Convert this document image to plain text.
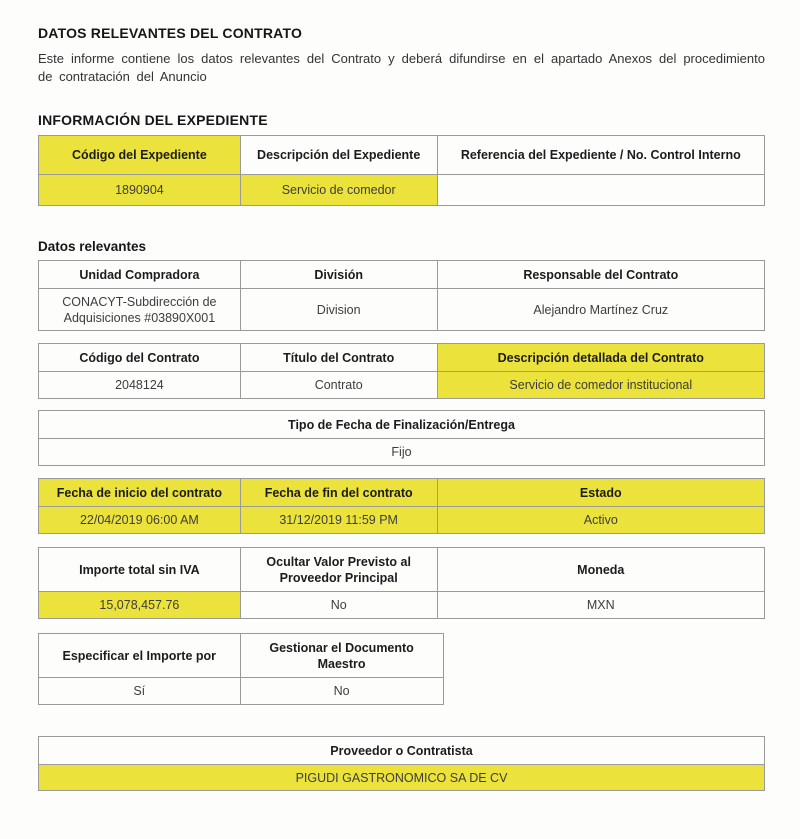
DATOS RELEVANTES DEL CONTRATO

Este informe contiene los datos relevantes del Contrato y deberá difundirse en el apartado Anexos del procedimiento de contratación del Anuncio

INFORMACIÓN DEL EXPEDIENTE
Código del Expediente	Descripción del Expediente	Referencia del Expediente / No. Control Interno
1890904	Servicio de comedor	
Datos relevantes
Unidad Compradora	División	Responsable del Contrato
CONACYT-Subdirección de Adquisiciones #03890X001	Division	Alejandro Martínez Cruz
Código del Contrato	Título del Contrato	Descripción detallada del Contrato
2048124	Contrato	Servicio de comedor institucional
Tipo de Fecha de Finalización/Entrega
Fijo
Fecha de inicio del contrato	Fecha de fin del contrato	Estado
22/04/2019 06:00 AM	31/12/2019 11:59 PM	Activo
Importe total sin IVA	Ocultar Valor Previsto al Proveedor Principal	Moneda
15,078,457.76	No	MXN
Especificar el Importe por	Gestionar el Documento Maestro
Sí	No
Proveedor o Contratista
PIGUDI GASTRONOMICO SA DE CV
